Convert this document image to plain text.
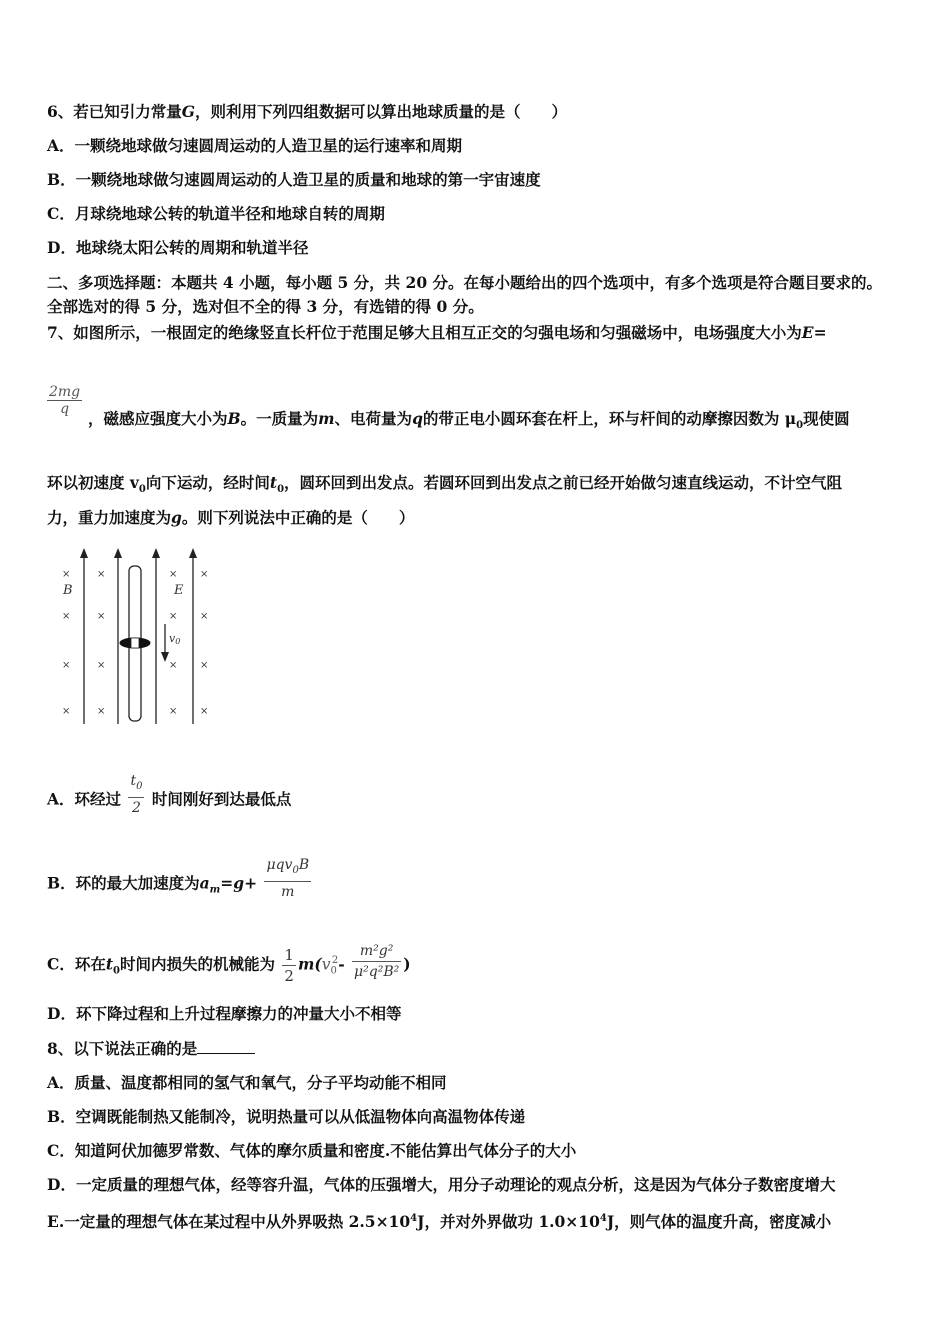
6、若已知引力常量G，则利用下列四组数据可以算出地球质量的是（　　）
A．一颗绕地球做匀速圆周运动的人造卫星的运行速率和周期
B．一颗绕地球做匀速圆周运动的人造卫星的质量和地球的第一宇宙速度
C．月球绕地球公转的轨道半径和地球自转的周期
D．地球绕太阳公转的周期和轨道半径
二、多项选择题：本题共 4 小题，每小题 5 分，共 20 分。在每小题给出的四个选项中，有多个选项是符合题目要求的。
全部选对的得 5 分，选对但不全的得 3 分，有选错的得 0 分。
7、如图所示，一根固定的绝缘竖直长杆位于范围足够大且相互正交的匀强电场和匀强磁场中，电场强度大小为E=
$\frac{2mg}{q}$
，磁感应强度大小为B。一质量为m、电荷量为q的带正电小圆环套在杆上，环与杆间的动摩擦因数为 $\mu_0$现使圆
环以初速度 $v_0$向下运动，经时间$t_0$，圆环回到出发点。若圆环回到出发点之前已经开始做匀速直线运动，不计空气阻
力，重力加速度为g。则下列说法中正确的是（　　）
v0
B	E
×
×
×
×
×
×
×
×
×
×
×
×
×
×
×
×
A．环经过 $\frac{t_0}{2}$ 时间刚好到达最低点
B．环的最大加速度为$a_m=g+ \frac{\mu qv_0B}{m}$
C．环在$t_0$时间内损失的机械能为 $\frac{1}{2} m(v_0^2- \frac{\text{m²g²}}{\text{μ²q²B²}}$ )
D．环下降过程和上升过程摩擦力的冲量大小不相等
8、以下说法正确的是
A．质量、温度都相同的氢气和氧气，分子平均动能不相同
B．空调既能制热又能制冷，说明热量可以从低温物体向高温物体传递
C．知道阿伏加德罗常数、气体的摩尔质量和密度.不能估算出气体分子的大小
D．一定质量的理想气体，经等容升温，气体的压强增大，用分子动理论的观点分析，这是因为气体分子数密度增大
E.一定量的理想气体在某过程中从外界吸热 $2.5\times 10^4J$，并对外界做功 $1.0\times 10^4J$，则气体的温度升高，密度减小
